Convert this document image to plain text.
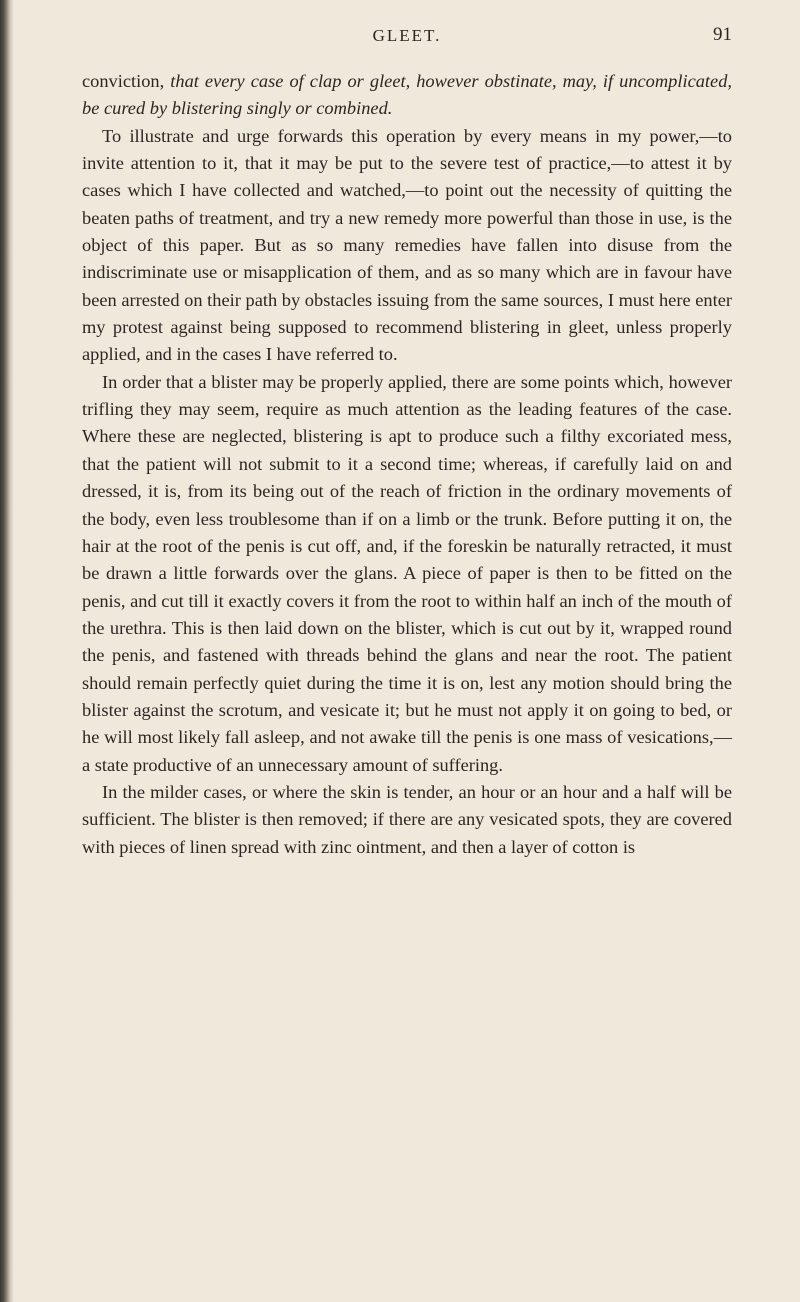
GLEET.	91

conviction, that every case of clap or gleet, however obstinate, may, if uncomplicated, be cured by blistering singly or combined.

To illustrate and urge forwards this operation by every means in my power,—to invite attention to it, that it may be put to the severe test of practice,—to attest it by cases which I have collected and watched,—to point out the necessity of quitting the beaten paths of treatment, and try a new remedy more powerful than those in use, is the object of this paper. But as so many remedies have fallen into disuse from the indiscriminate use or misapplication of them, and as so many which are in favour have been arrested on their path by obstacles issuing from the same sources, I must here enter my protest against being supposed to recommend blistering in gleet, unless properly applied, and in the cases I have referred to.

In order that a blister may be properly applied, there are some points which, however trifling they may seem, require as much attention as the leading features of the case. Where these are neglected, blistering is apt to produce such a filthy excoriated mess, that the patient will not submit to it a second time; whereas, if carefully laid on and dressed, it is, from its being out of the reach of friction in the ordinary movements of the body, even less troublesome than if on a limb or the trunk. Before putting it on, the hair at the root of the penis is cut off, and, if the foreskin be naturally retracted, it must be drawn a little forwards over the glans. A piece of paper is then to be fitted on the penis, and cut till it exactly covers it from the root to within half an inch of the mouth of the urethra. This is then laid down on the blister, which is cut out by it, wrapped round the penis, and fastened with threads behind the glans and near the root. The patient should remain perfectly quiet during the time it is on, lest any motion should bring the blister against the scrotum, and vesicate it; but he must not apply it on going to bed, or he will most likely fall asleep, and not awake till the penis is one mass of vesications,—a state productive of an unnecessary amount of suffering.

In the milder cases, or where the skin is tender, an hour or an hour and a half will be sufficient. The blister is then removed; if there are any vesicated spots, they are covered with pieces of linen spread with zinc ointment, and then a layer of cotton is
